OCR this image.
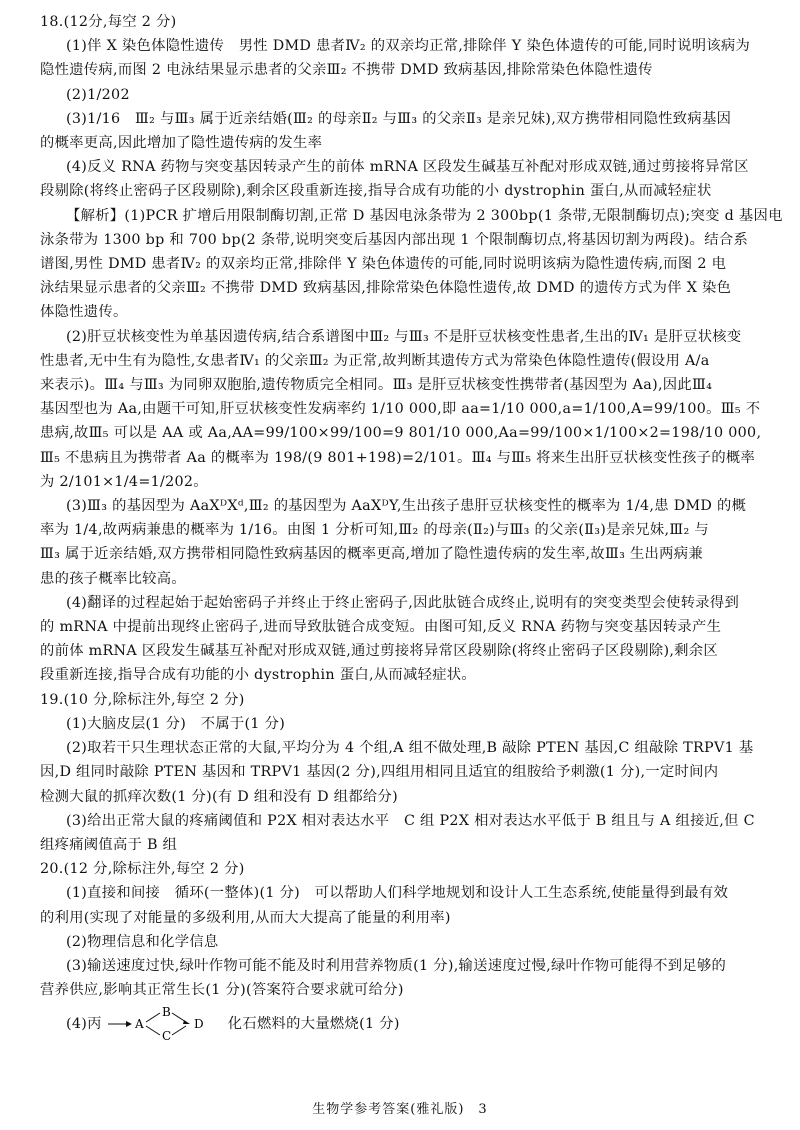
18.(12分,每空 2 分)
(1)伴 X 染色体隐性遗传　男性 DMD 患者Ⅳ₂ 的双亲均正常,排除伴 Y 染色体遗传的可能,同时说明该病为
隐性遗传病,而图 2 电泳结果显示患者的父亲Ⅲ₂ 不携带 DMD 致病基因,排除常染色体隐性遗传
(2)1/202
(3)1/16　Ⅲ₂ 与Ⅲ₃ 属于近亲结婚(Ⅲ₂ 的母亲Ⅱ₂ 与Ⅲ₃ 的父亲Ⅱ₃ 是亲兄妹),双方携带相同隐性致病基因
的概率更高,因此增加了隐性遗传病的发生率
(4)反义 RNA 药物与突变基因转录产生的前体 mRNA 区段发生碱基互补配对形成双链,通过剪接将异常区
段剔除(将终止密码子区段剔除),剩余区段重新连接,指导合成有功能的小 dystrophin 蛋白,从而减轻症状
【解析】(1)PCR 扩增后用限制酶切割,正常 D 基因电泳条带为 2 300bp(1 条带,无限制酶切点);突变 d 基因电
泳条带为 1300 bp 和 700 bp(2 条带,说明突变后基因内部出现 1 个限制酶切点,将基因切割为两段)。结合系
谱图,男性 DMD 患者Ⅳ₂ 的双亲均正常,排除伴 Y 染色体遗传的可能,同时说明该病为隐性遗传病,而图 2 电
泳结果显示患者的父亲Ⅲ₂ 不携带 DMD 致病基因,排除常染色体隐性遗传,故 DMD 的遗传方式为伴 X 染色
体隐性遗传。
(2)肝豆状核变性为单基因遗传病,结合系谱图中Ⅲ₂ 与Ⅲ₃ 不是肝豆状核变性患者,生出的Ⅳ₁ 是肝豆状核变
性患者,无中生有为隐性,女患者Ⅳ₁ 的父亲Ⅲ₂ 为正常,故判断其遗传方式为常染色体隐性遗传(假设用 A/a
来表示)。Ⅲ₄ 与Ⅲ₃ 为同卵双胞胎,遗传物质完全相同。Ⅲ₃ 是肝豆状核变性携带者(基因型为 Aa),因此Ⅲ₄
基因型也为 Aa,由题干可知,肝豆状核变性发病率约 1/10 000,即 aa=1/10 000,a=1/100,A=99/100。Ⅲ₅ 不
患病,故Ⅲ₅ 可以是 AA 或 Aa,AA=99/100×99/100=9 801/10 000,Aa=99/100×1/100×2=198/10 000,
Ⅲ₅ 不患病且为携带者 Aa 的概率为 198/(9 801+198)=2/101。Ⅲ₄ 与Ⅲ₅ 将来生出肝豆状核变性孩子的概率
为 2/101×1/4=1/202。
(3)Ⅲ₃ 的基因型为 AaXᴰXᵈ,Ⅲ₂ 的基因型为 AaXᴰY,生出孩子患肝豆状核变性的概率为 1/4,患 DMD 的概
率为 1/4,故两病兼患的概率为 1/16。由图 1 分析可知,Ⅲ₂ 的母亲(Ⅱ₂)与Ⅲ₃ 的父亲(Ⅱ₃)是亲兄妹,Ⅲ₂ 与
Ⅲ₃ 属于近亲结婚,双方携带相同隐性致病基因的概率更高,增加了隐性遗传病的发生率,故Ⅲ₃ 生出两病兼
患的孩子概率比较高。
(4)翻译的过程起始于起始密码子并终止于终止密码子,因此肽链合成终止,说明有的突变类型会使转录得到
的 mRNA 中提前出现终止密码子,进而导致肽链合成变短。由图可知,反义 RNA 药物与突变基因转录产生
的前体 mRNA 区段发生碱基互补配对形成双链,通过剪接将异常区段剔除(将终止密码子区段剔除),剩余区
段重新连接,指导合成有功能的小 dystrophin 蛋白,从而减轻症状。
19.(10 分,除标注外,每空 2 分)
(1)大脑皮层(1 分)　不属于(1 分)
(2)取若干只生理状态正常的大鼠,平均分为 4 个组,A 组不做处理,B 敲除 PTEN 基因,C 组敲除 TRPV1 基
因,D 组同时敲除 PTEN 基因和 TRPV1 基因(2 分),四组用相同且适宜的组胺给予刺激(1 分),一定时间内
检测大鼠的抓痒次数(1 分)(有 D 组和没有 D 组都给分)
(3)给出正常大鼠的疼痛阈值和 P2X 相对表达水平　C 组 P2X 相对表达水平低于 B 组且与 A 组接近,但 C
组疼痛阈值高于 B 组
20.(12 分,除标注外,每空 2 分)
(1)直接和间接　循环(一整体)(1 分)　可以帮助人们科学地规划和设计人工生态系统,使能量得到最有效
的利用(实现了对能量的多级利用,从而大大提高了能量的利用率)
(2)物理信息和化学信息
(3)输送速度过快,绿叶作物可能不能及时利用营养物质(1 分),输送速度过慢,绿叶作物可能得不到足够的
营养供应,影响其正常生长(1 分)(答案符合要求就可给分)
(4)丙	A
B
C
D 化石燃料的大量燃烧(1 分)
生物学参考答案(雅礼版)　3
